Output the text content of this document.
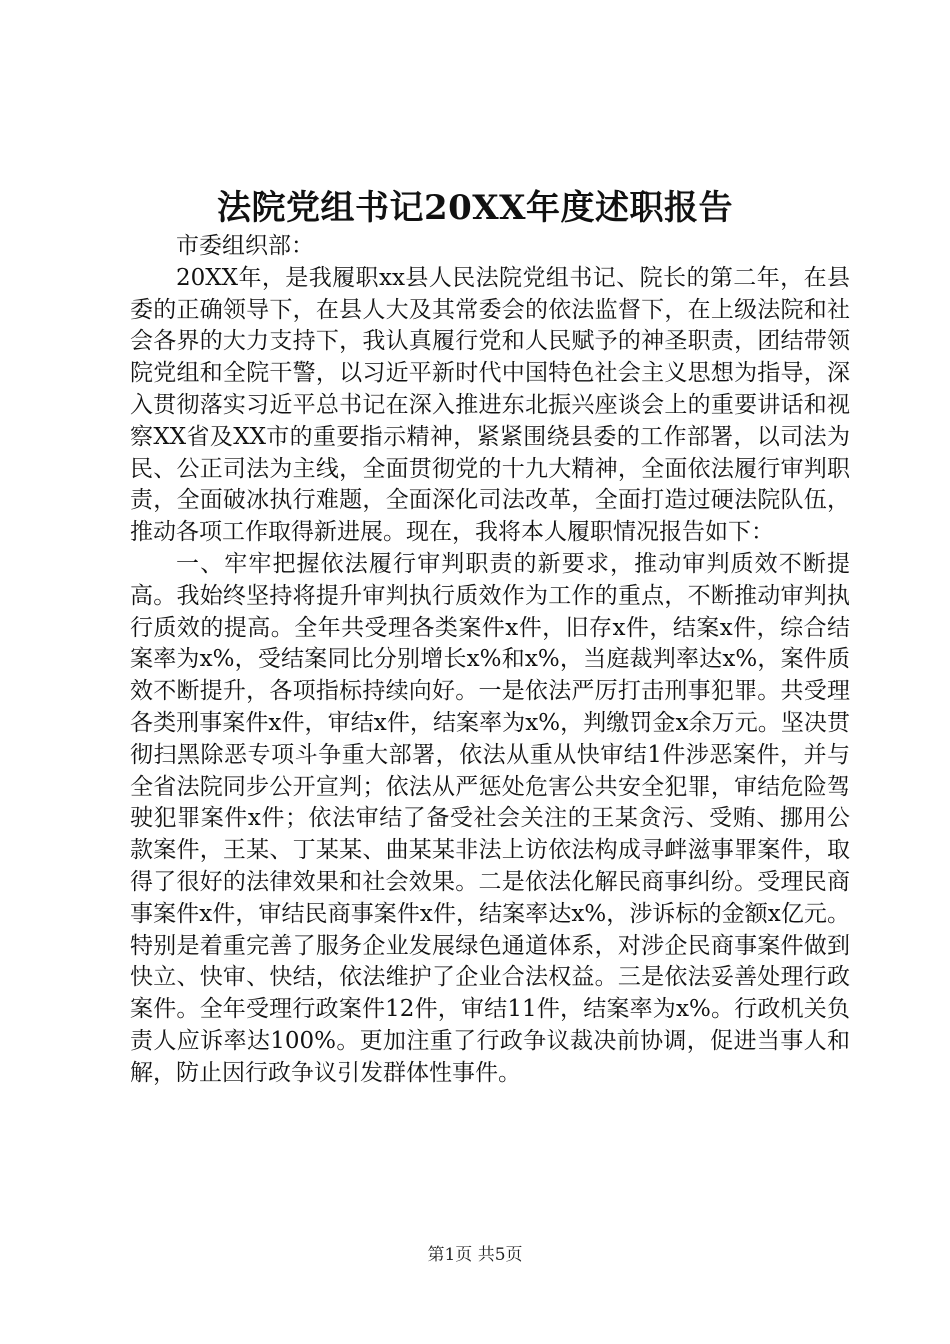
法院党组书记20XX年度述职报告

市委组织部：

20XX年，是我履职xx县人民法院党组书记、院长的第二年，在县委的正确领导下，在县人大及其常委会的依法监督下，在上级法院和社会各界的大力支持下，我认真履行党和人民赋予的神圣职责，团结带领院党组和全院干警，以习近平新时代中国特色社会主义思想为指导，深入贯彻落实习近平总书记在深入推进东北振兴座谈会上的重要讲话和视察XX省及XX市的重要指示精神，紧紧围绕县委的工作部署，以司法为民、公正司法为主线，全面贯彻党的十九大精神，全面依法履行审判职责，全面破冰执行难题，全面深化司法改革，全面打造过硬法院队伍，推动各项工作取得新进展。现在，我将本人履职情况报告如下：

一、牢牢把握依法履行审判职责的新要求，推动审判质效不断提高。我始终坚持将提升审判执行质效作为工作的重点，不断推动审判执行质效的提高。全年共受理各类案件x件，旧存x件，结案x件，综合结案率为x%，受结案同比分别增长x%和x%，当庭裁判率达x%，案件质效不断提升，各项指标持续向好。一是依法严厉打击刑事犯罪。共受理各类刑事案件x件，审结x件，结案率为x%，判缴罚金x余万元。坚决贯彻扫黑除恶专项斗争重大部署，依法从重从快审结1件涉恶案件，并与全省法院同步公开宣判；依法从严惩处危害公共安全犯罪，审结危险驾驶犯罪案件x件；依法审结了备受社会关注的王某贪污、受贿、挪用公款案件，王某、丁某某、曲某某非法上访依法构成寻衅滋事罪案件，取得了很好的法律效果和社会效果。二是依法化解民商事纠纷。受理民商事案件x件，审结民商事案件x件，结案率达x%，涉诉标的金额x亿元。特别是着重完善了服务企业发展绿色通道体系，对涉企民商事案件做到快立、快审、快结，依法维护了企业合法权益。三是依法妥善处理行政案件。全年受理行政案件12件，审结11件，结案率为x%。行政机关负责人应诉率达100%。更加注重了行政争议裁决前协调，促进当事人和解，防止因行政争议引发群体性事件。

第1页 共5页
